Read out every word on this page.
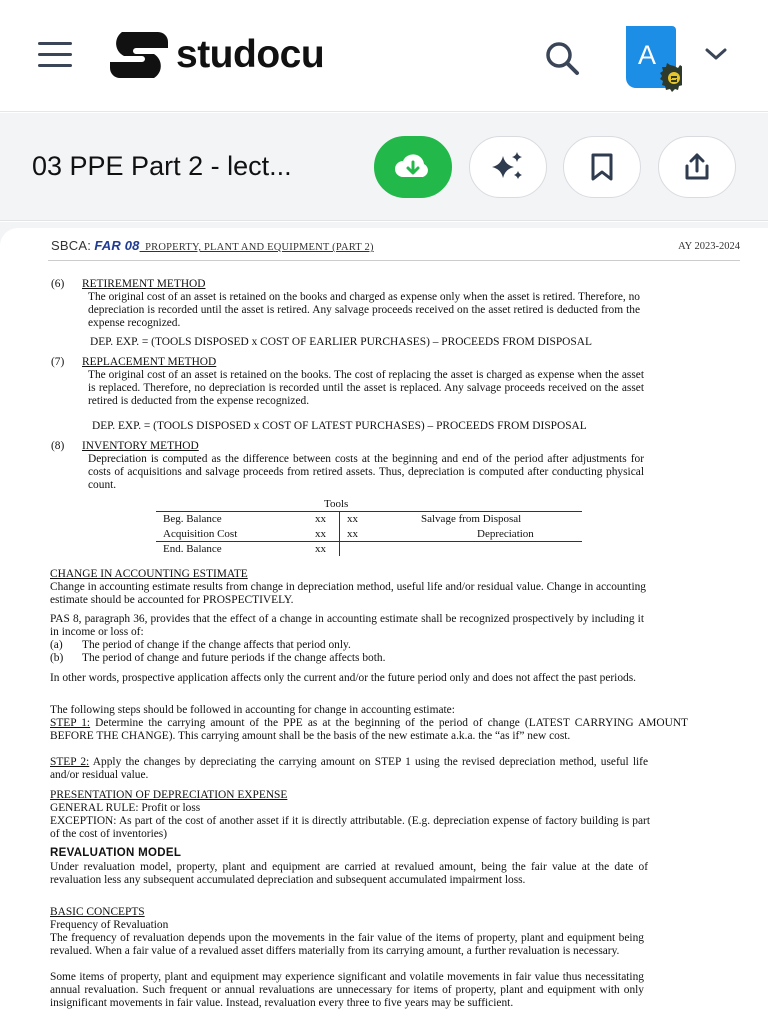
studocu	A
03 PPE Part 2 - lect...
SBCA: FAR 08_PROPERTY, PLANT AND EQUIPMENT (PART 2)	AY 2023-2024
(6) RETIREMENT METHOD
The original cost of an asset is retained on the books and charged as expense only when the asset is retired. Therefore, no depreciation is recorded until the asset is retired. Any salvage proceeds received on the asset retired is deducted from the expense recognized.
DEP. EXP. = (TOOLS DISPOSED x COST OF EARLIER PURCHASES) – PROCEEDS FROM DISPOSAL
(7) REPLACEMENT METHOD
The original cost of an asset is retained on the books. The cost of replacing the asset is charged as expense when the asset is replaced. Therefore, no depreciation is recorded until the asset is replaced. Any salvage proceeds received on the asset retired is deducted from the expense recognized.
DEP. EXP. = (TOOLS DISPOSED x COST OF LATEST PURCHASES) – PROCEEDS FROM DISPOSAL
(8) INVENTORY METHOD
Depreciation is computed as the difference between costs at the beginning and end of the period after adjustments for costs of acquisitions and salvage proceeds from retired assets. Thus, depreciation is computed after conducting physical count.
Tools
Beg. Balance	xx xx	Salvage from Disposal
Acquisition Cost	xx xx	Depreciation
End. Balance	xx
CHANGE IN ACCOUNTING ESTIMATE
Change in accounting estimate results from change in depreciation method, useful life and/or residual value. Change in accounting estimate should be accounted for PROSPECTIVELY.
PAS 8, paragraph 36, provides that the effect of a change in accounting estimate shall be recognized prospectively by including it in income or loss of:
(a) The period of change if the change affects that period only.
(b) The period of change and future periods if the change affects both.
In other words, prospective application affects only the current and/or the future period only and does not affect the past periods.
The following steps should be followed in accounting for change in accounting estimate:
STEP 1: Determine the carrying amount of the PPE as at the beginning of the period of change (LATEST CARRYING AMOUNT BEFORE THE CHANGE). This carrying amount shall be the basis of the new estimate a.k.a. the “as if” new cost.
STEP 2: Apply the changes by depreciating the carrying amount on STEP 1 using the revised depreciation method, useful life and/or residual value.
PRESENTATION OF DEPRECIATION EXPENSE
GENERAL RULE: Profit or loss
EXCEPTION: As part of the cost of another asset if it is directly attributable. (E.g. depreciation expense of factory building is part of the cost of inventories)
REVALUATION MODEL
Under revaluation model, property, plant and equipment are carried at revalued amount, being the fair value at the date of revaluation less any subsequent accumulated depreciation and subsequent accumulated impairment loss.
BASIC CONCEPTS
Frequency of Revaluation
The frequency of revaluation depends upon the movements in the fair value of the items of property, plant and equipment being revalued. When a fair value of a revalued asset differs materially from its carrying amount, a further revaluation is necessary.
Some items of property, plant and equipment may experience significant and volatile movements in fair value thus necessitating annual revaluation. Such frequent or annual revaluations are unnecessary for items of property, plant and equipment with only insignificant movements in fair value. Instead, revaluation every three to five years may be sufficient.
